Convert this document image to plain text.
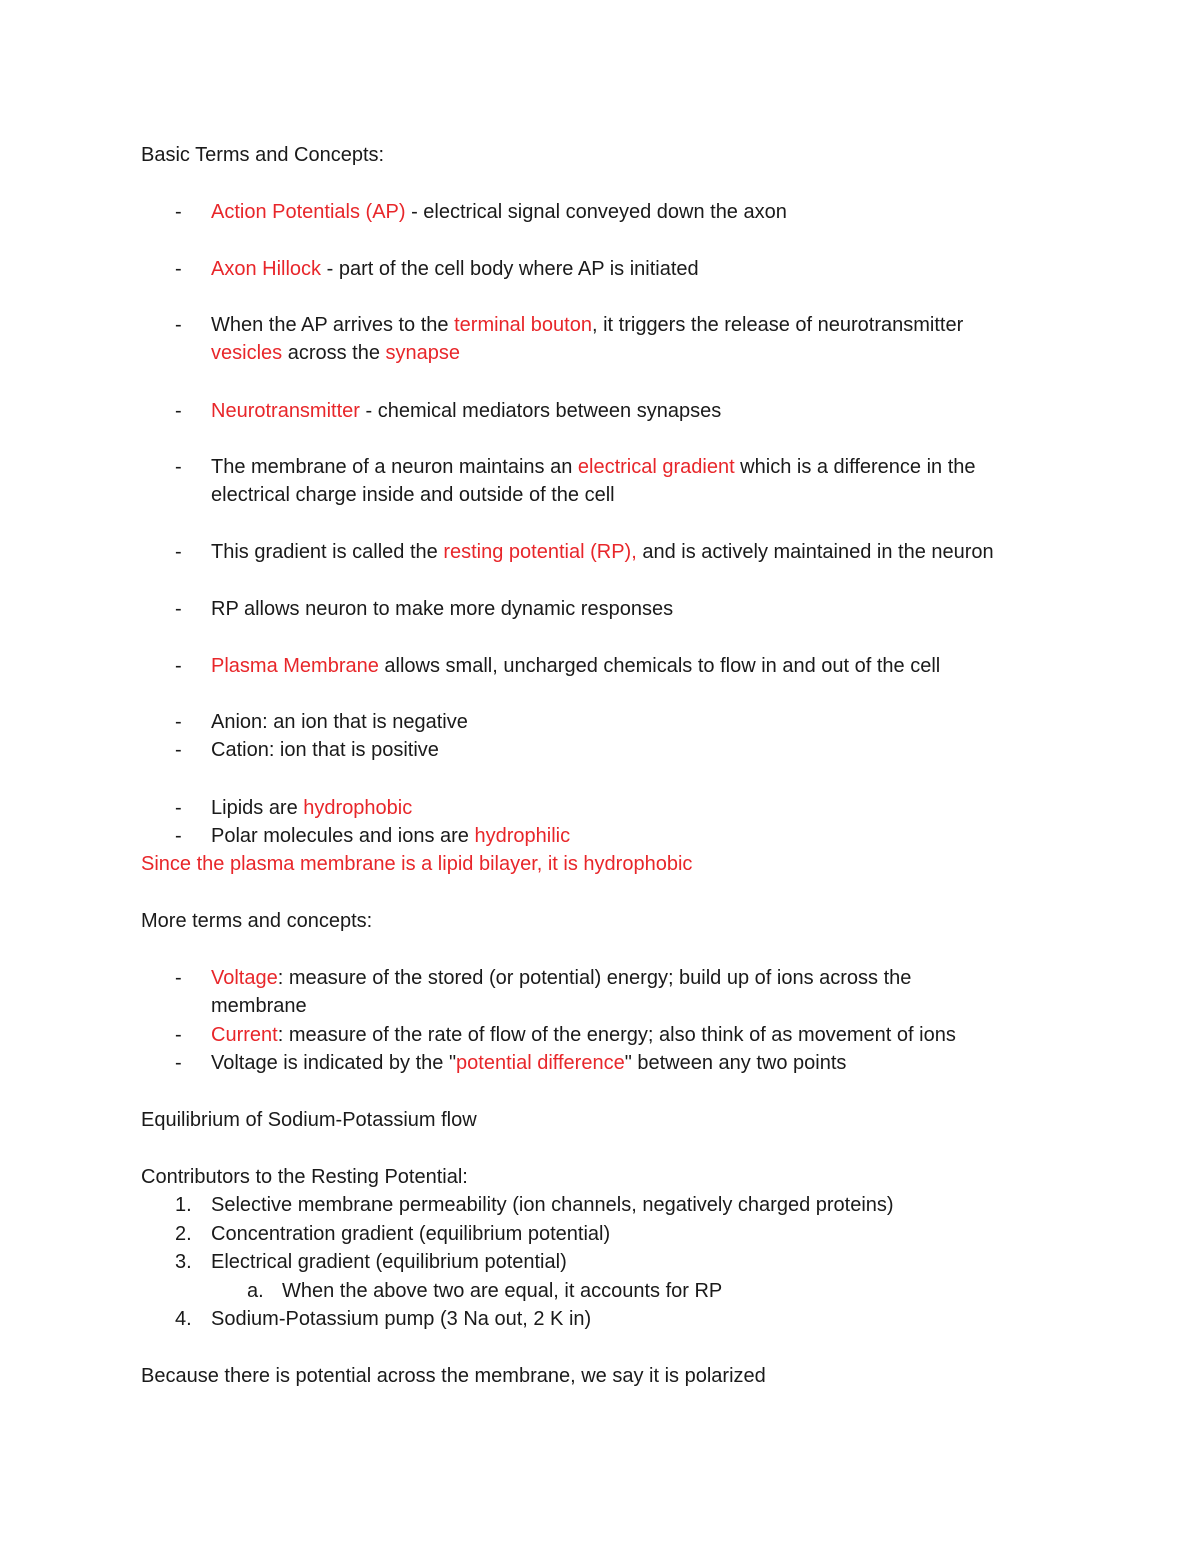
Basic Terms and Concepts:
- Action Potentials (AP) - electrical signal conveyed down the axon
- Axon Hillock - part of the cell body where AP is initiated
- When the AP arrives to the terminal bouton, it triggers the release of neurotransmitter
vesicles across the synapse
- Neurotransmitter - chemical mediators between synapses
- The membrane of a neuron maintains an electrical gradient which is a difference in the
electrical charge inside and outside of the cell
- This gradient is called the resting potential (RP), and is actively maintained in the neuron
- RP allows neuron to make more dynamic responses
- Plasma Membrane allows small, uncharged chemicals to flow in and out of the cell
- Anion: an ion that is negative
- Cation: ion that is positive
- Lipids are hydrophobic
- Polar molecules and ions are hydrophilic
Since the plasma membrane is a lipid bilayer, it is hydrophobic
More terms and concepts:
- Voltage: measure of the stored (or potential) energy; build up of ions across the
membrane
- Current: measure of the rate of flow of the energy; also think of as movement of ions
- Voltage is indicated by the "potential difference" between any two points
Equilibrium of Sodium-Potassium flow
Contributors to the Resting Potential:
1. Selective membrane permeability (ion channels, negatively charged proteins)
2. Concentration gradient (equilibrium potential)
3. Electrical gradient (equilibrium potential)
a. When the above two are equal, it accounts for RP
4. Sodium-Potassium pump (3 Na out, 2 K in)
Because there is potential across the membrane, we say it is polarized
